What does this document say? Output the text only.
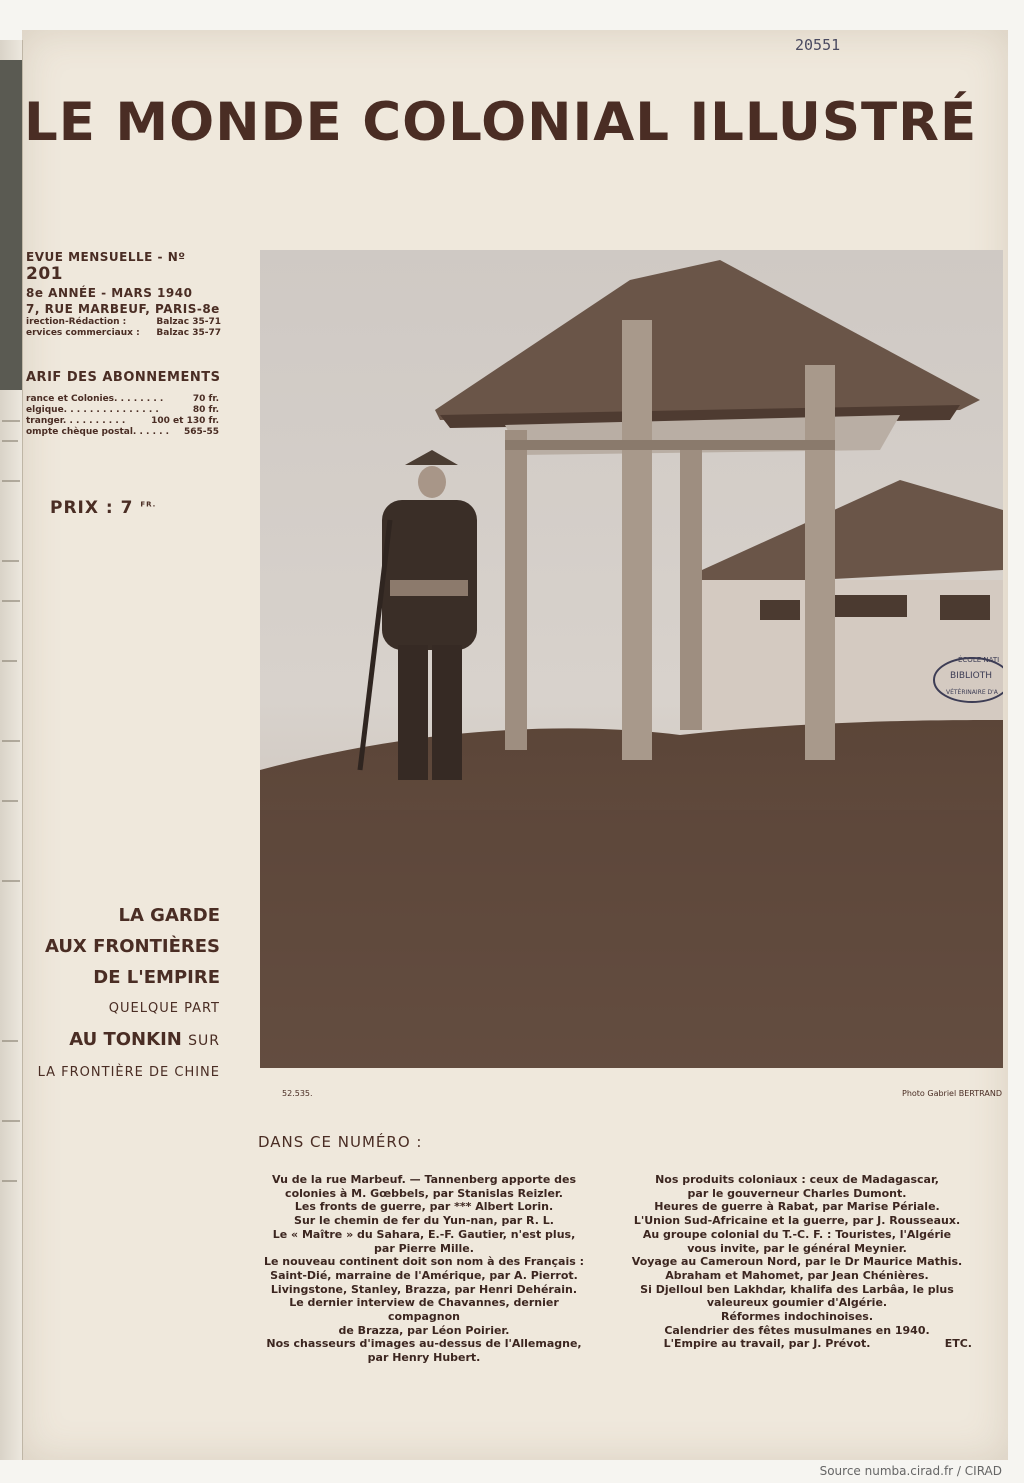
20551
LE MONDE COLONIAL ILLUSTRÉ
EVUE MENSUELLE - Nº 201
8e ANNÉE - MARS 1940
7, RUE MARBEUF, PARIS-8e
irection-Rédaction :	Balzac 35-71
ervices commerciaux : Balzac 35-77
ARIF DES ABONNEMENTS
rance et Colonies. . . . . . . .	70 fr.
elgique. . . . . . . . . . . . . . .	80 fr.
tranger. . . . . . . . . .	100 et 130 fr.
ompte chèque postal. . . . . . 565-55
PRIX : 7 $^{FR.}$
LA GARDE
AUX FRONTIÈRES
DE L'EMPIRE
QUELQUE PART
AU TONKIN SUR
LA FRONTIÈRE DE CHINE
ÉCOLE NATI
BIBLIOTH
VÉTÉRINAIRE D'A
52.535.	Photo Gabriel BERTRAND
DANS CE NUMÉRO :
Vu de la rue Marbeuf. — Tannenberg apporte des
colonies à M. Gœbbels, par Stanislas Reizler.
Les fronts de guerre, par *** Albert Lorin.
Sur le chemin de fer du Yun-nan, par R. L.
Le « Maître » du Sahara, E.-F. Gautier, n'est plus,
par Pierre Mille.
Le nouveau continent doit son nom à des Français :
Saint-Dié, marraine de l'Amérique, par A. Pierrot.
Livingstone, Stanley, Brazza, par Henri Dehérain.
Le dernier interview de Chavannes, dernier compagnon
de Brazza, par Léon Poirier.
Nos chasseurs d'images au-dessus de l'Allemagne,
par Henry Hubert.
Nos produits coloniaux : ceux de Madagascar,
par le gouverneur Charles Dumont.
Heures de guerre à Rabat, par Marise Périale.
L'Union Sud-Africaine et la guerre, par J. Rousseaux.
Au groupe colonial du T.-C. F. : Touristes, l'Algérie
vous invite, par le général Meynier.
Voyage au Cameroun Nord, par le Dr Maurice Mathis.
Abraham et Mahomet, par Jean Chénières.
Si Djelloul ben Lakhdar, khalifa des Larbâa, le plus
valeureux goumier d'Algérie.
Réformes indochinoises.
Calendrier des fêtes musulmanes en 1940.
L'Empire au travail, par J. Prévot.	ETC.
Source numba.cirad.fr / CIRAD
